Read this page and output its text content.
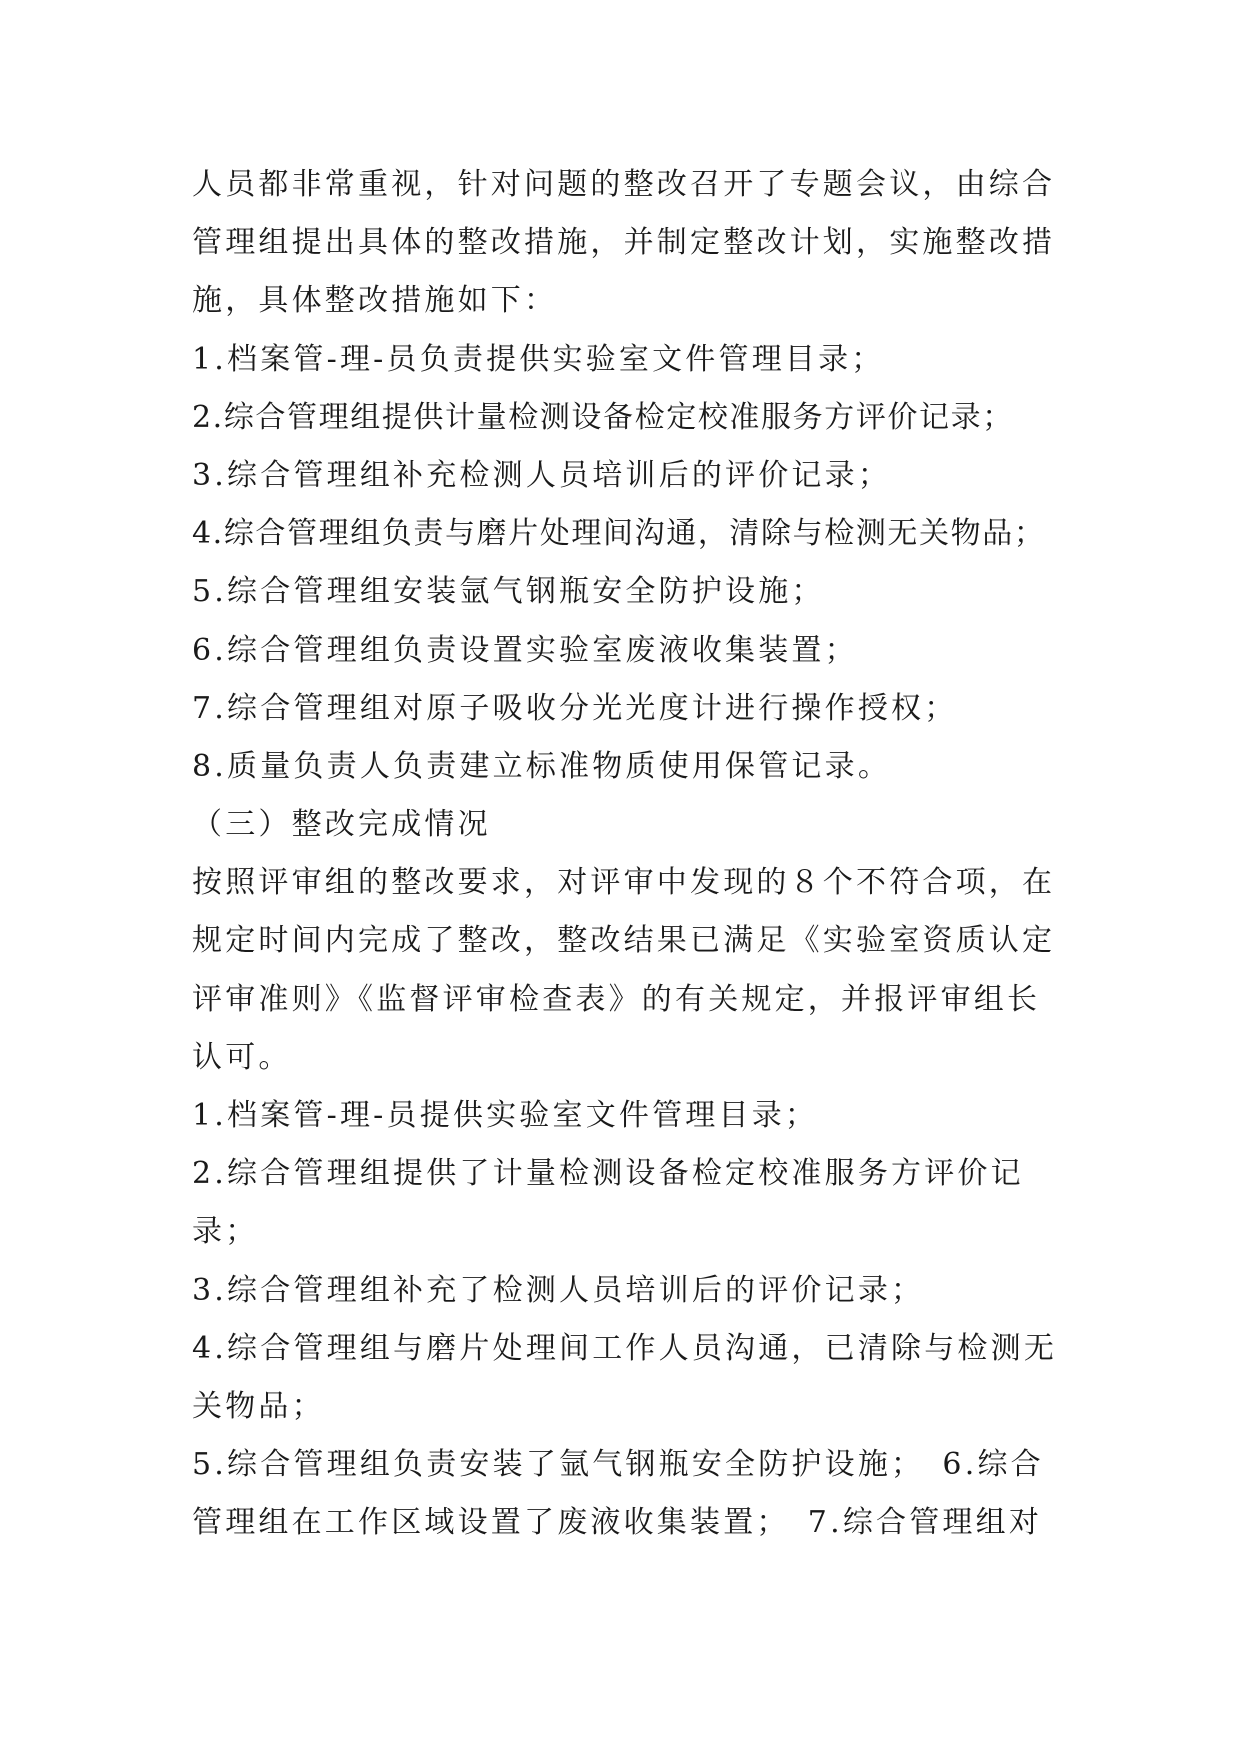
人员都非常重视，针对问题的整改召开了专题会议，由综合
管理组提出具体的整改措施，并制定整改计划，实施整改措
施，具体整改措施如下：
1.档案管-理-员负责提供实验室文件管理目录；
2.综合管理组提供计量检测设备检定校准服务方评价记录；
3.综合管理组补充检测人员培训后的评价记录；
4.综合管理组负责与磨片处理间沟通，清除与检测无关物品；
5.综合管理组安装氩气钢瓶安全防护设施；
6.综合管理组负责设置实验室废液收集装置；
7.综合管理组对原子吸收分光光度计进行操作授权；
8.质量负责人负责建立标准物质使用保管记录。
（三）整改完成情况
按照评审组的整改要求，对评审中发现的８个不符合项，在
规定时间内完成了整改，整改结果已满足《实验室资质认定
评审准则》《监督评审检查表》的有关规定，并报评审组长
认可。
1.档案管-理-员提供实验室文件管理目录；
2.综合管理组提供了计量检测设备检定校准服务方评价记
录；
3.综合管理组补充了检测人员培训后的评价记录；
4.综合管理组与磨片处理间工作人员沟通，已清除与检测无
关物品；
5.综合管理组负责安装了氩气钢瓶安全防护设施；　6.综合
管理组在工作区域设置了废液收集装置；　7.综合管理组对
